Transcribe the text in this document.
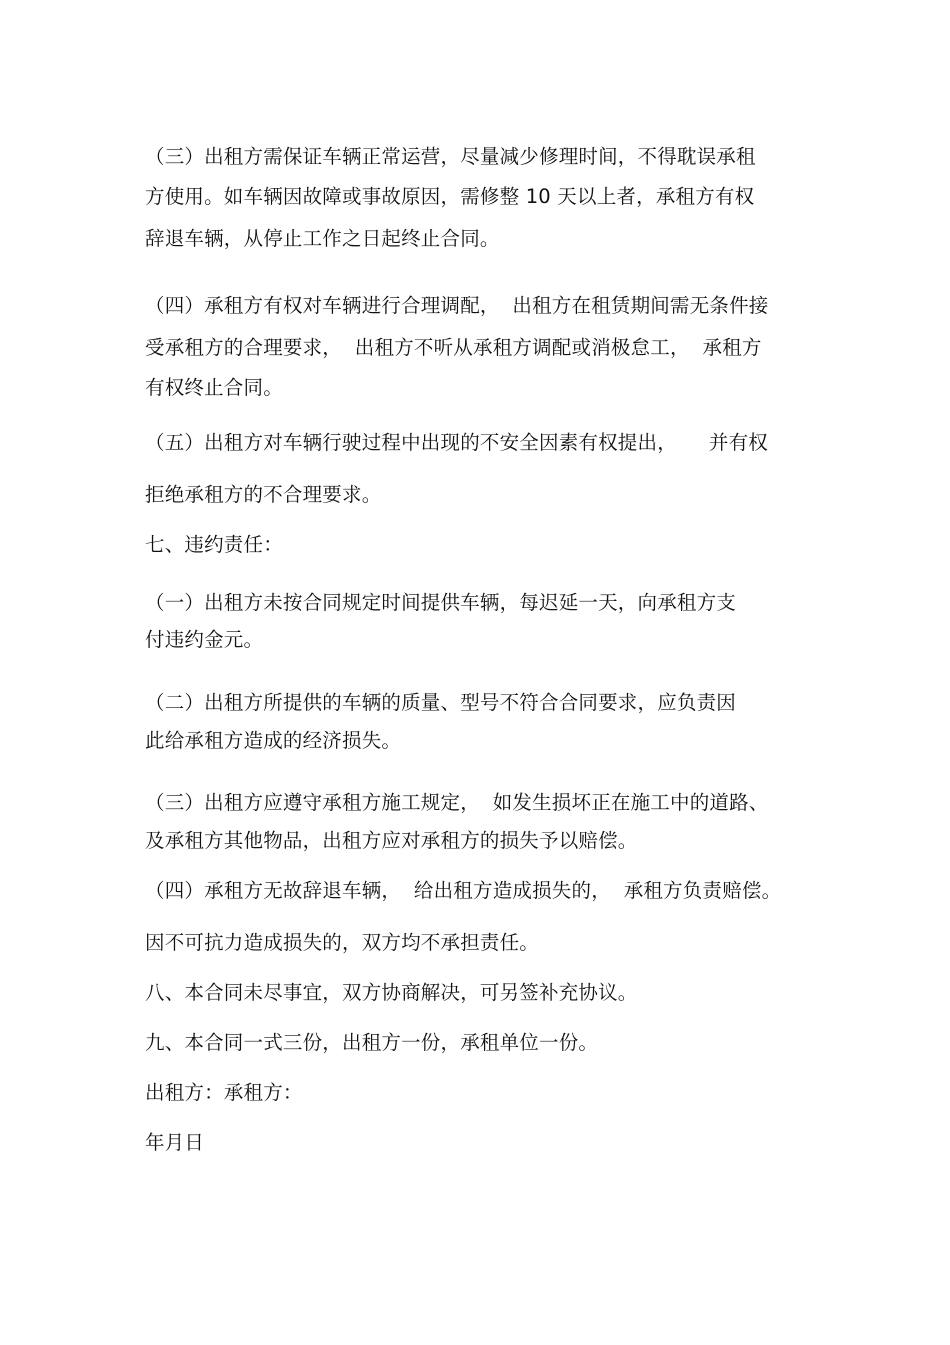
（三）出租方需保证车辆正常运营，尽量减少修理时间，不得耽误承租
方使用。如车辆因故障或事故原因，需修整 10 天以上者，承租方有权
辞退车辆，从停止工作之日起终止合同。
（四）承租方有权对车辆进行合理调配，  出租方在租赁期间需无条件接
受承租方的合理要求，  出租方不听从承租方调配或消极怠工，  承租方
有权终止合同。
（五）出租方对车辆行驶过程中出现的不安全因素有权提出，     并有权
拒绝承租方的不合理要求。
七、违约责任：
（一）出租方未按合同规定时间提供车辆，每迟延一天，向承租方支
付违约金元。
（二）出租方所提供的车辆的质量、型号不符合合同要求，应负责因
此给承租方造成的经济损失。
（三）出租方应遵守承租方施工规定，  如发生损坏正在施工中的道路、
及承租方其他物品，出租方应对承租方的损失予以赔偿。
（四）承租方无故辞退车辆，  给出租方造成损失的，  承租方负责赔偿。
因不可抗力造成损失的，双方均不承担责任。
八、本合同未尽事宜，双方协商解决，可另签补充协议。
九、本合同一式三份，出租方一份，承租单位一份。
出租方：承租方：
年月日
